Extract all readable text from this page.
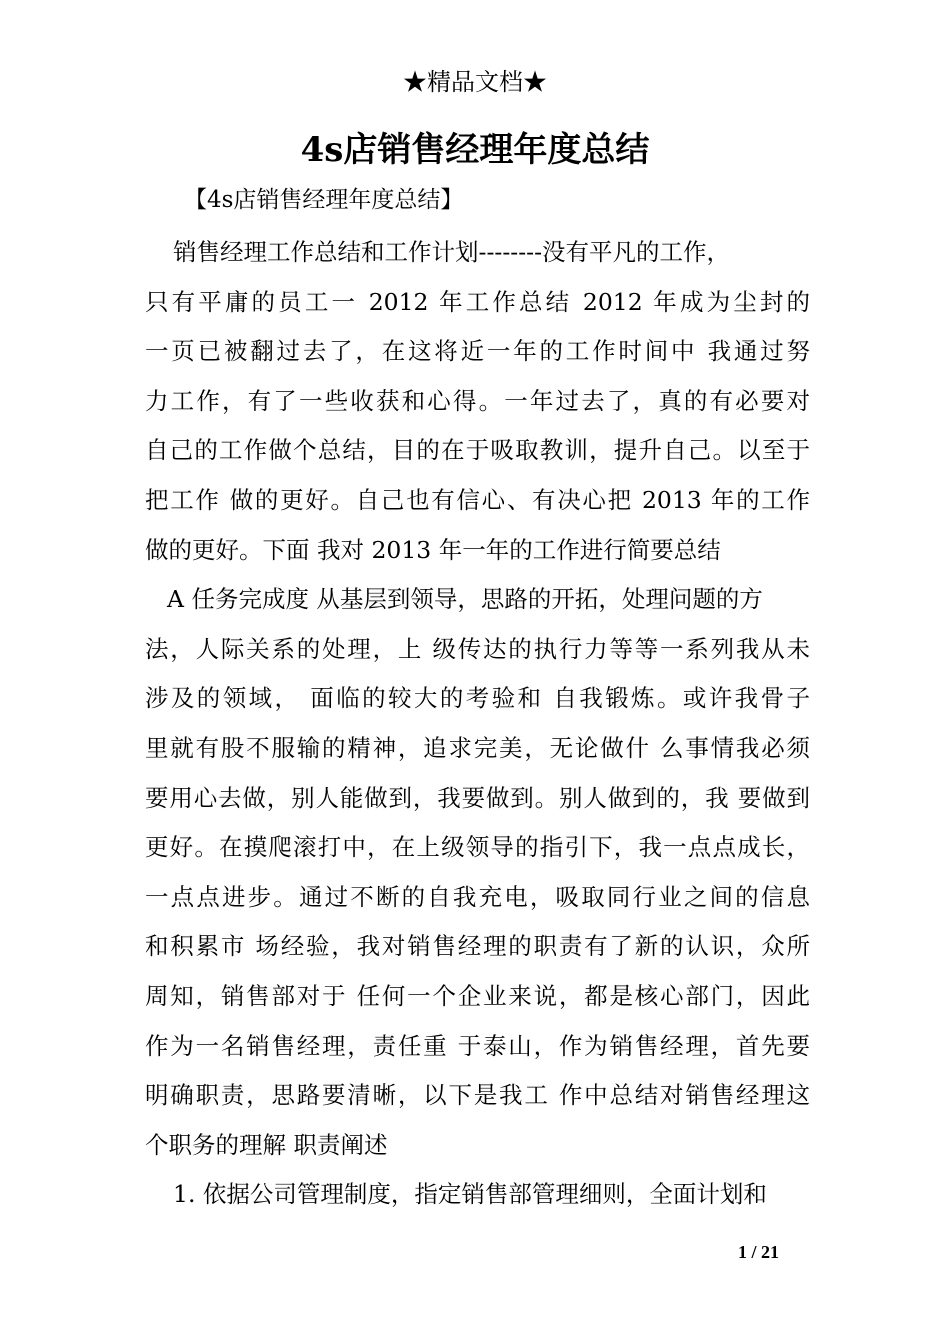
★精品文档★
4s店销售经理年度总结
【4s店销售经理年度总结】
销售经理工作总结和工作计划--------没有平凡的工作，
只有平庸的员工一 2012 年工作总结 2012 年成为尘封的
一页已被翻过去了，在这将近一年的工作时间中 我通过努
力工作，有了一些收获和心得。一年过去了，真的有必要对
自己的工作做个总结，目的在于吸取教训，提升自己。以至于
把工作 做的更好。自己也有信心、有决心把 2013 年的工作
做的更好。下面 我对 2013 年一年的工作进行简要总结
A 任务完成度 从基层到领导，思路的开拓，处理问题的方
法，人际关系的处理，上 级传达的执行力等等一系列我从未
涉及的领域， 面临的较大的考验和 自我锻炼。或许我骨子
里就有股不服输的精神，追求完美，无论做什 么事情我必须
要用心去做，别人能做到，我要做到。别人做到的，我 要做到
更好。在摸爬滚打中，在上级领导的指引下，我一点点成长，
一点点进步。通过不断的自我充电，吸取同行业之间的信息
和积累市 场经验，我对销售经理的职责有了新的认识，众所
周知，销售部对于 任何一个企业来说，都是核心部门，因此
作为一名销售经理，责任重 于泰山，作为销售经理，首先要
明确职责，思路要清晰，以下是我工 作中总结对销售经理这
个职务的理解 职责阐述
1. 依据公司管理制度，指定销售部管理细则，全面计划和
1 / 21
